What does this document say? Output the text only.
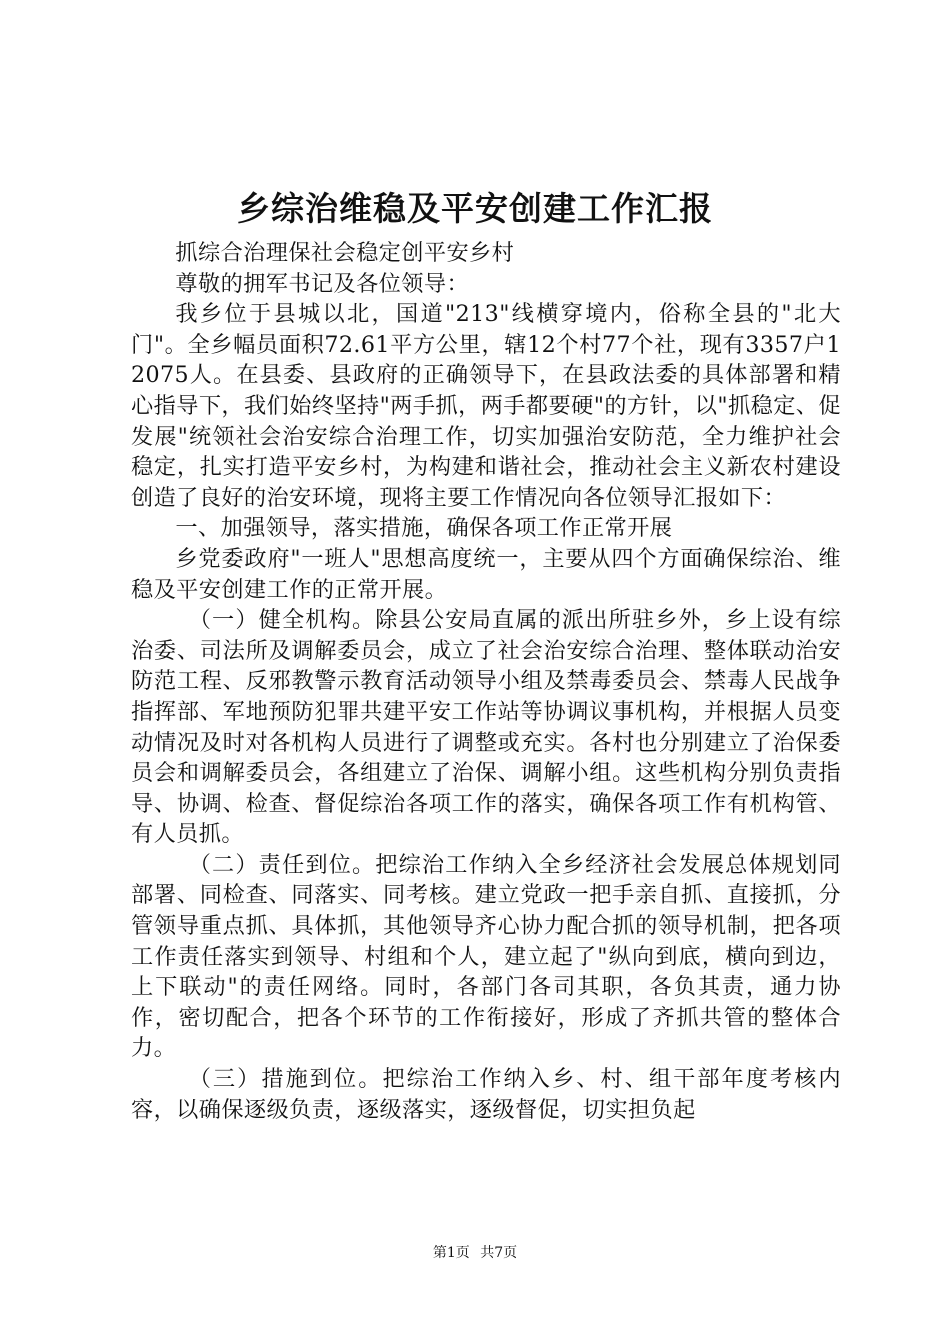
乡综治维稳及平安创建工作汇报

抓综合治理保社会稳定创平安乡村

尊敬的拥军书记及各位领导：

我乡位于县城以北，国道"213"线横穿境内，俗称全县的"北大门"。全乡幅员面积72.61平方公里，辖12个村77个社，现有3357户12075人。在县委、县政府的正确领导下，在县政法委的具体部署和精心指导下，我们始终坚持"两手抓，两手都要硬"的方针，以"抓稳定、促发展"统领社会治安综合治理工作，切实加强治安防范，全力维护社会稳定，扎实打造平安乡村，为构建和谐社会，推动社会主义新农村建设创造了良好的治安环境，现将主要工作情况向各位领导汇报如下：

一、加强领导，落实措施，确保各项工作正常开展

乡党委政府"一班人"思想高度统一，主要从四个方面确保综治、维稳及平安创建工作的正常开展。

（一）健全机构。除县公安局直属的派出所驻乡外，乡上设有综治委、司法所及调解委员会，成立了社会治安综合治理、整体联动治安防范工程、反邪教警示教育活动领导小组及禁毒委员会、禁毒人民战争指挥部、军地预防犯罪共建平安工作站等协调议事机构，并根据人员变动情况及时对各机构人员进行了调整或充实。各村也分别建立了治保委员会和调解委员会，各组建立了治保、调解小组。这些机构分别负责指导、协调、检查、督促综治各项工作的落实，确保各项工作有机构管、有人员抓。

（二）责任到位。把综治工作纳入全乡经济社会发展总体规划同部署、同检查、同落实、同考核。建立党政一把手亲自抓、直接抓，分管领导重点抓、具体抓，其他领导齐心协力配合抓的领导机制，把各项工作责任落实到领导、村组和个人，建立起了"纵向到底，横向到边，上下联动"的责任网络。同时，各部门各司其职，各负其责，通力协作，密切配合，把各个环节的工作衔接好，形成了齐抓共管的整体合力。

（三）措施到位。把综治工作纳入乡、村、组干部年度考核内容，以确保逐级负责，逐级落实，逐级督促，切实担负起

第1页 共7页
